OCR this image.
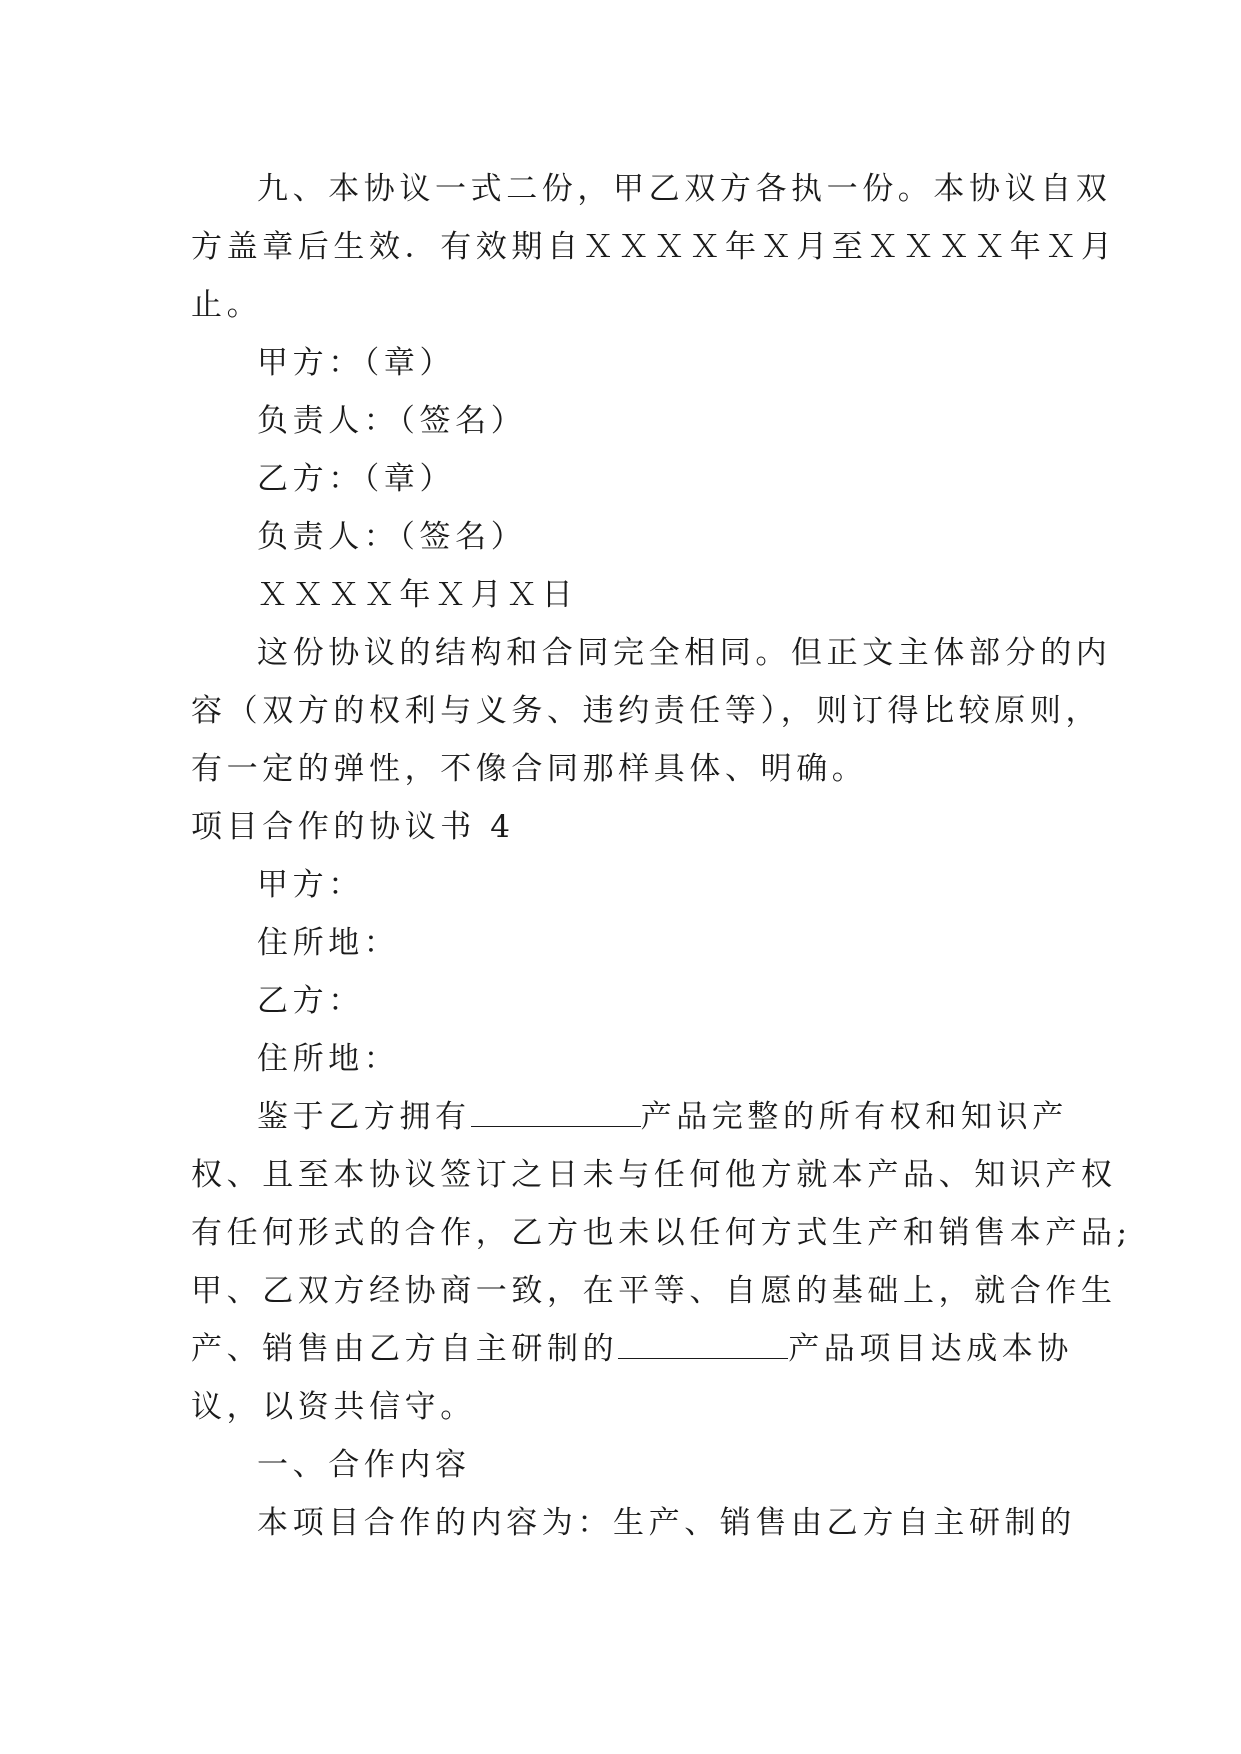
九、本协议一式二份，甲乙双方各执一份。本协议自双
方盖章后生效．有效期自ＸＸＸＸ年Ｘ月至ＸＸＸＸ年Ｘ月
止。
甲方：（章）
负责人：（签名）
乙方：（章）
负责人：（签名）
ＸＸＸＸ年Ｘ月Ｘ日
这份协议的结构和合同完全相同。但正文主体部分的内
容（双方的权利与义务、违约责任等），则订得比较原则，
有一定的弹性，不像合同那样具体、明确。
项目合作的协议书 4
甲方：
住所地：
乙方：
住所地：
鉴于乙方拥有	产品完整的所有权和知识产
权、且至本协议签订之日未与任何他方就本产品、知识产权
有任何形式的合作，乙方也未以任何方式生产和销售本产品;
甲、乙双方经协商一致，在平等、自愿的基础上，就合作生
产、销售由乙方自主研制的	产品项目达成本协
议，以资共信守。
一、合作内容
本项目合作的内容为：生产、销售由乙方自主研制的
